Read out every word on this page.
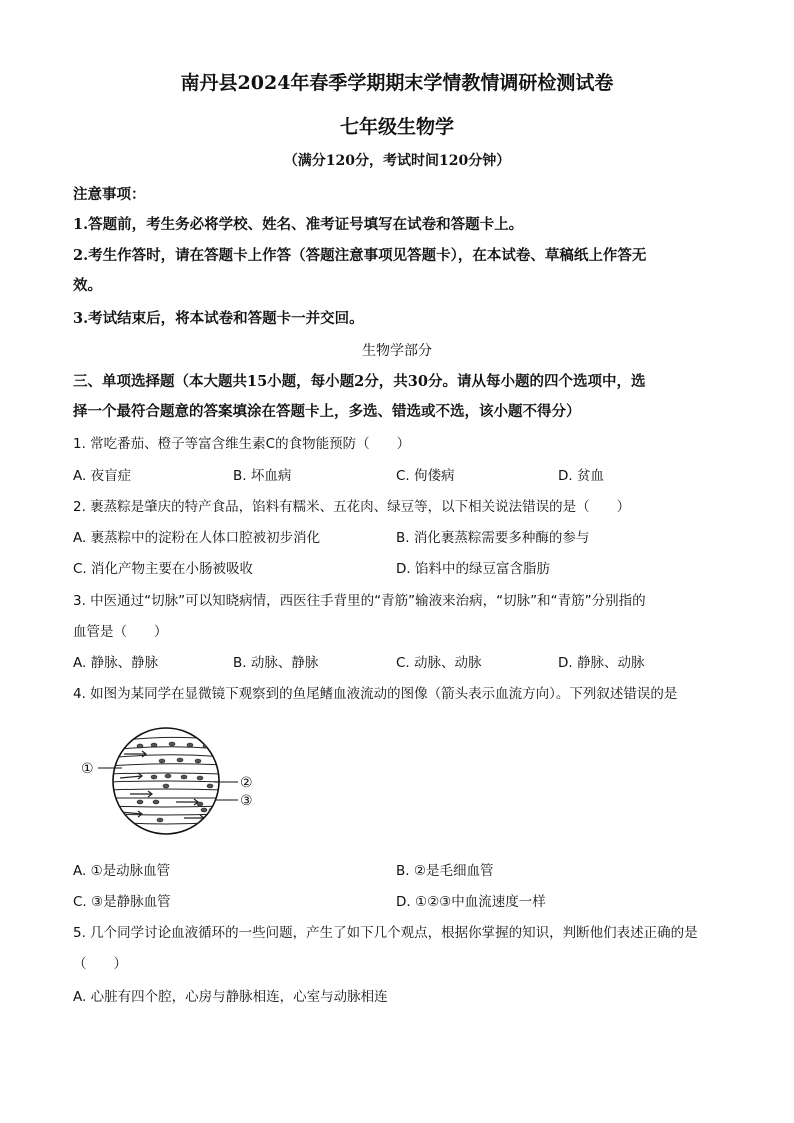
南丹县2024年春季学期期末学情教情调研检测试卷
七年级生物学
（满分120分，考试时间120分钟）
注意事项：
1.答题前，考生务必将学校、姓名、准考证号填写在试卷和答题卡上。
2.考生作答时，请在答题卡上作答（答题注意事项见答题卡），在本试卷、草稿纸上作答无
效。
3.考试结束后，将本试卷和答题卡一并交回。
生物学部分
三、单项选择题（本大题共15小题，每小题2分，共30分。请从每小题的四个选项中，选
择一个最符合题意的答案填涂在答题卡上，多选、错选或不选，该小题不得分）
1. 常吃番茄、橙子等富含维生素C的食物能预防（　　）
A. 夜盲症	B. 坏血病	C. 佝偻病	D. 贫血
2. 裹蒸粽是肇庆的特产食品，馅料有糯米、五花肉、绿豆等，以下相关说法错误的是（　　）
A. 裹蒸粽中的淀粉在人体口腔被初步消化	B. 消化裹蒸粽需要多种酶的参与
C. 消化产物主要在小肠被吸收	D. 馅料中的绿豆富含脂肪
3. 中医通过“切脉”可以知晓病情，西医往手背里的“青筋”输液来治病，“切脉”和“青筋”分别指的
血管是（　　）
A. 静脉、静脉	B. 动脉、静脉	C. 动脉、动脉	D. 静脉、动脉
4. 如图为某同学在显微镜下观察到的鱼尾鳍血液流动的图像（箭头表示血流方向）。下列叙述错误的是
①
②
③
A. ①是动脉血管	B. ②是毛细血管
C. ③是静脉血管	D. ①②③中血流速度一样
5. 几个同学讨论血液循环的一些问题，产生了如下几个观点，根据你掌握的知识，判断他们表述正确的是
（　　）
A. 心脏有四个腔，心房与静脉相连，心室与动脉相连
